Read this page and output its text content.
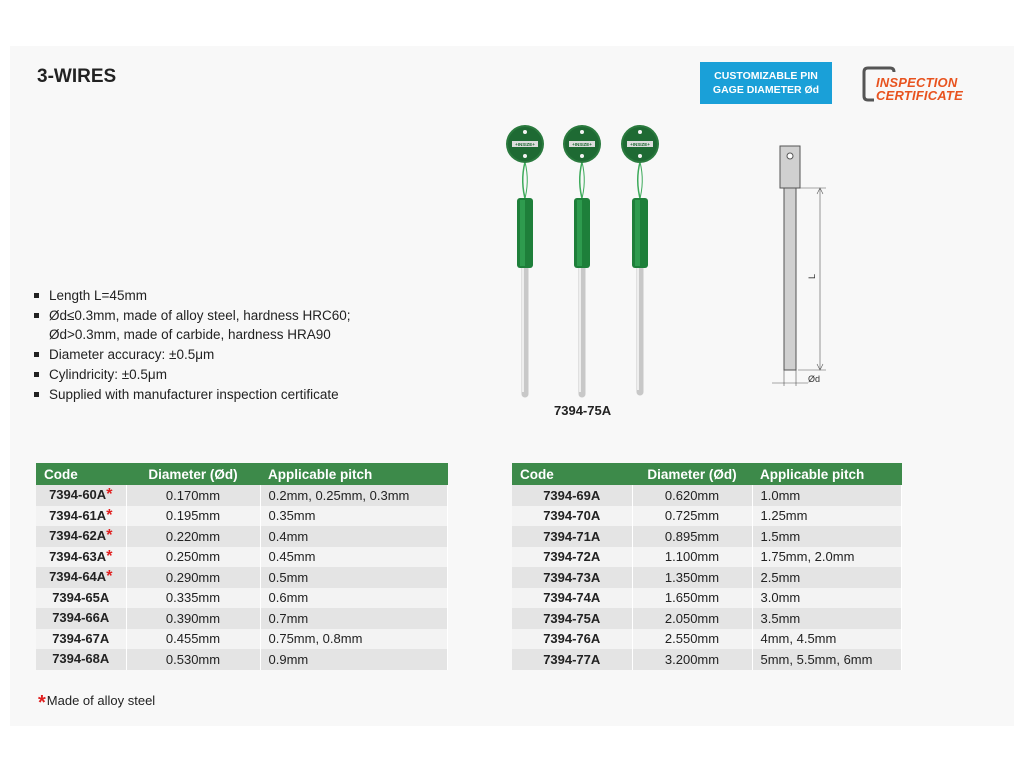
3-WIRES	CUSTOMIZABLE PIN
GAGE DIAMETER Ød	INSPECTION
CERTIFICATE
Length L=45mm
Ød≤0.3mm, made of alloy steel, hardness HRC60;
Ød>0.3mm, made of carbide, hardness HRA90
Diameter accuracy: ±0.5μm
Cylindricity: ±0.5μm
Supplied with manufacturer inspection certificate
+INSIZE+	+INSIZE+	+INSIZE+
7394-75A
L
Ød
Code	Diameter (Ød)	Applicable pitch
7394-60A*	0.170mm	0.2mm, 0.25mm, 0.3mm
7394-61A*	0.195mm	0.35mm
7394-62A*	0.220mm	0.4mm
7394-63A*	0.250mm	0.45mm
7394-64A*	0.290mm	0.5mm
7394-65A	0.335mm	0.6mm
7394-66A	0.390mm	0.7mm
7394-67A	0.455mm	0.75mm, 0.8mm
7394-68A	0.530mm	0.9mm
Code	Diameter (Ød)	Applicable pitch
7394-69A	0.620mm	1.0mm
7394-70A	0.725mm	1.25mm
7394-71A	0.895mm	1.5mm
7394-72A	1.100mm	1.75mm, 2.0mm
7394-73A	1.350mm	2.5mm
7394-74A	1.650mm	3.0mm
7394-75A	2.050mm	3.5mm
7394-76A	2.550mm	4mm, 4.5mm
7394-77A	3.200mm	5mm, 5.5mm, 6mm
*Made of alloy steel
